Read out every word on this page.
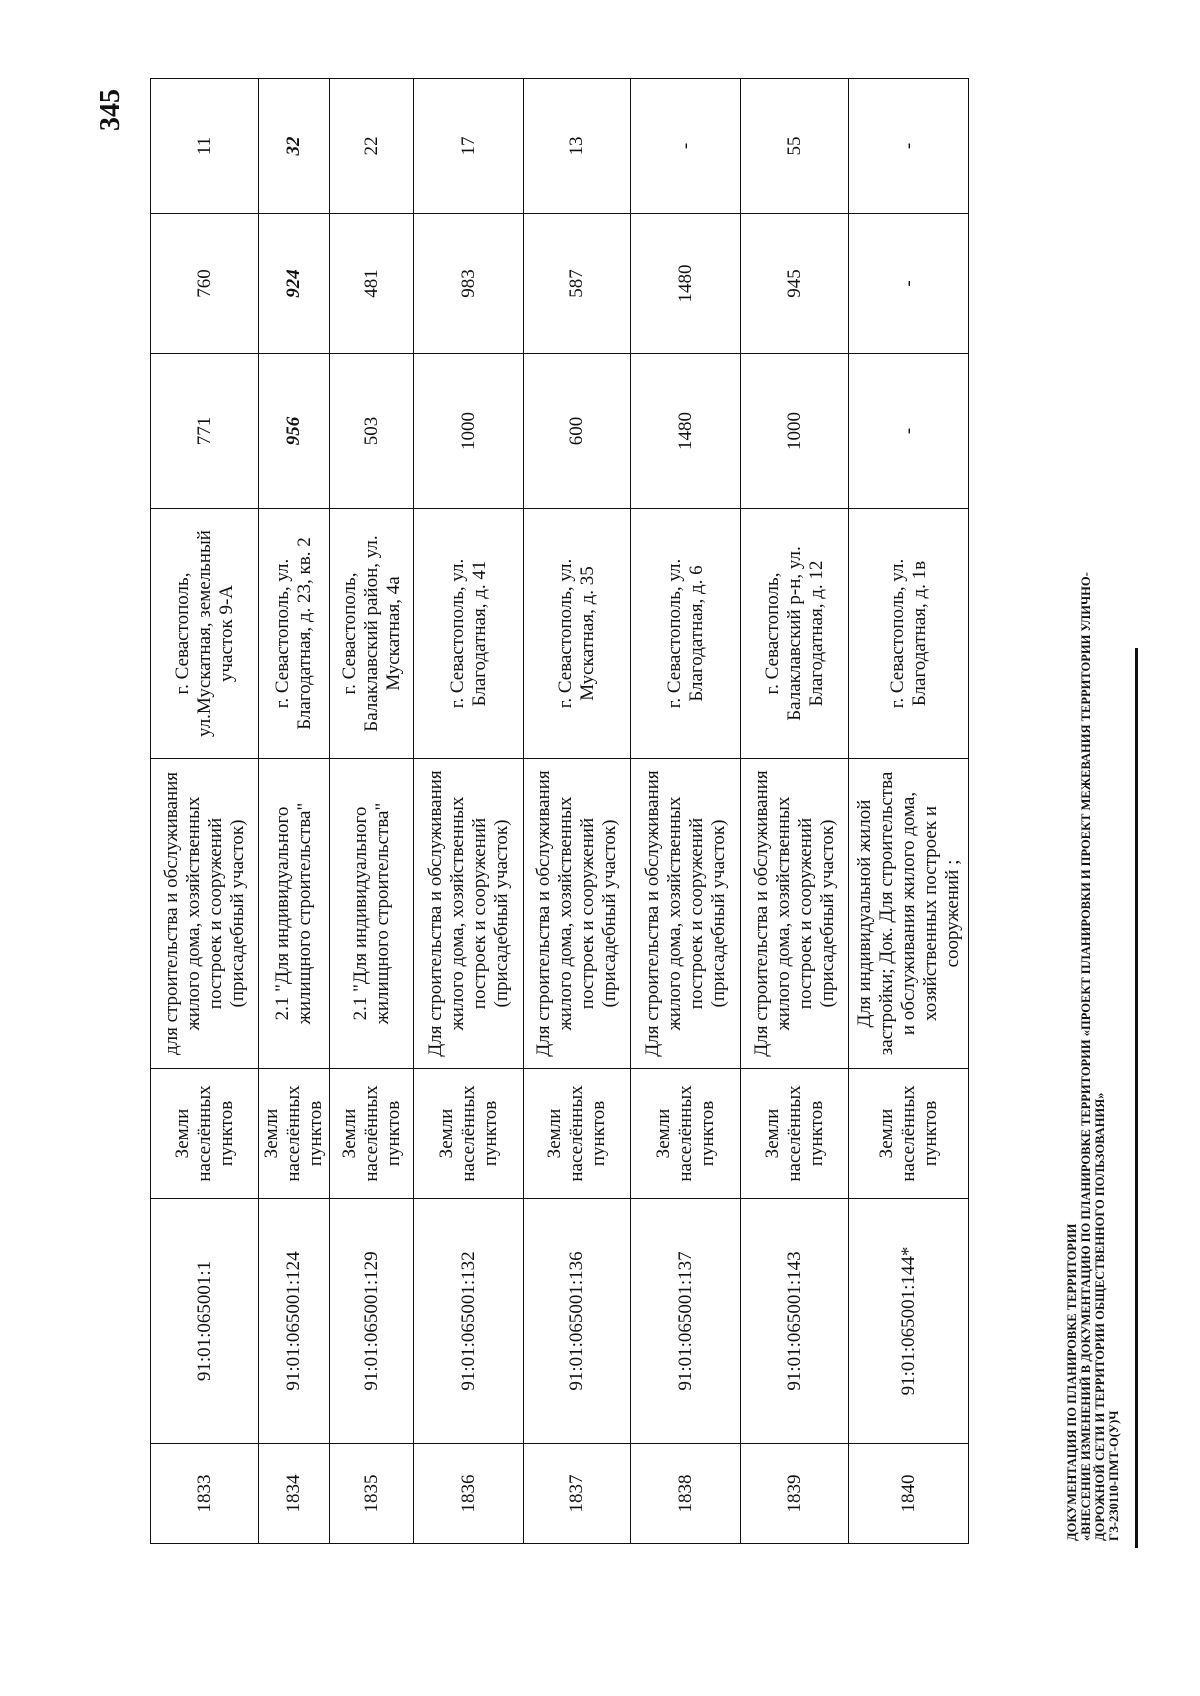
345
ДОКУМЕНТАЦИЯ ПО ПЛАНИРОВКЕ ТЕРРИТОРИИ «ВНЕСЕНИЕ ИЗМЕНЕНИЙ В ДОКУМЕНТАЦИЮ ПО ПЛАНИРОВКЕ ТЕРРИТОРИИ «ПРОЕКТ ПЛАНИРОВКИ И ПРОЕКТ МЕЖЕВАНИЯ ТЕРРИТОРИИ УЛИЧНО- ДОРОЖНОЙ СЕТИ И ТЕРРИТОРИИ ОБЩЕСТВЕННОГО ПОЛЬЗОВАНИЯ» ГЗ-230110-ПМТ-О(У)Ч
1833	91:01:065001:1	Земли населённых пунктов	для строительства и обслуживания жилого дома, хозяйственных построек и сооружений (присадебный участок)	г. Севастополь, ул.Мускатная, земельный участок 9-А	771	760	11
1834	91:01:065001:124	Земли населённых пунктов	2.1 "Для индивидуального жилищного строительства"	г. Севастополь, ул. Благодатная, д. 23, кв. 2	956	924	32
1835	91:01:065001:129	Земли населённых пунктов	2.1 "Для индивидуального жилищного строительства"	г. Севастополь, Балаклавский район, ул. Мускатная, 4а	503	481	22
1836	91:01:065001:132	Земли населённых пунктов	Для строительства и обслуживания жилого дома, хозяйственных построек и сооружений (присадебный участок)	г. Севастополь, ул. Благодатная, д. 41	1000	983	17
1837	91:01:065001:136	Земли населённых пунктов	Для строительства и обслуживания жилого дома, хозяйственных построек и сооружений (присадебный участок)	г. Севастополь, ул. Мускатная, д. 35	600	587	13
1838	91:01:065001:137	Земли населённых пунктов	Для строительства и обслуживания жилого дома, хозяйственных построек и сооружений (присадебный участок)	г. Севастополь, ул. Благодатная, д. 6	1480	1480	-
1839	91:01:065001:143	Земли населённых пунктов	Для строительства и обслуживания жилого дома, хозяйственных построек и сооружений (присадебный участок)	г. Севастополь, Балаклавский р-н, ул. Благодатная, д. 12	1000	945	55
1840	91:01:065001:144*	Земли населённых пунктов	Для индивидуальной жилой застройки; Док. Для строительства и обслуживания жилого дома, хозяйственных построек и сооружений ;	г. Севастополь, ул. Благодатная, д. 1в	-	-	-
